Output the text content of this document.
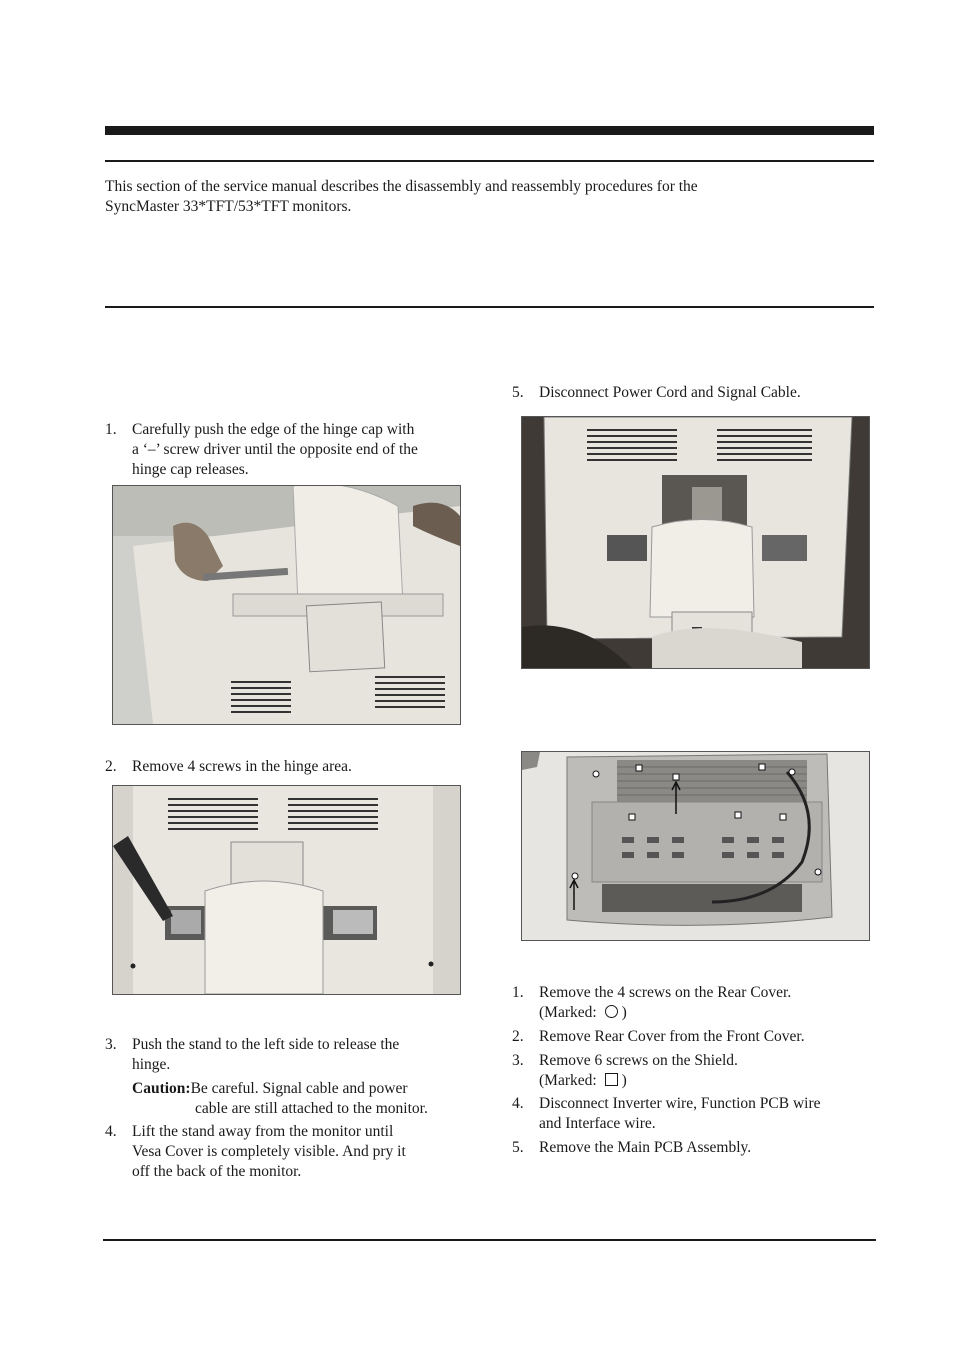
This section of the service manual describes the disassembly and reassembly procedures for the
SyncMaster 33*TFT/53*TFT monitors.
1. Carefully push the edge of the hinge cap with
a ‘–’ screw driver until the opposite end of the
hinge cap releases.
2. Remove 4 screws in the hinge area.
3. Push the stand to the left side to release the
hinge.
Caution:Be careful. Signal cable and power
cable are still attached to the monitor.
4. Lift the stand away from the monitor until
Vesa Cover is completely visible. And pry it
off the back of the monitor.
5. Disconnect Power Cord and Signal Cable.
1. Remove the 4 screws on the Rear Cover.
(Marked: )
2. Remove Rear Cover from the Front Cover.
3. Remove 6 screws on the Shield.
(Marked: )
4. Disconnect Inverter wire, Function PCB wire
and Interface wire.
5. Remove the Main PCB Assembly.
